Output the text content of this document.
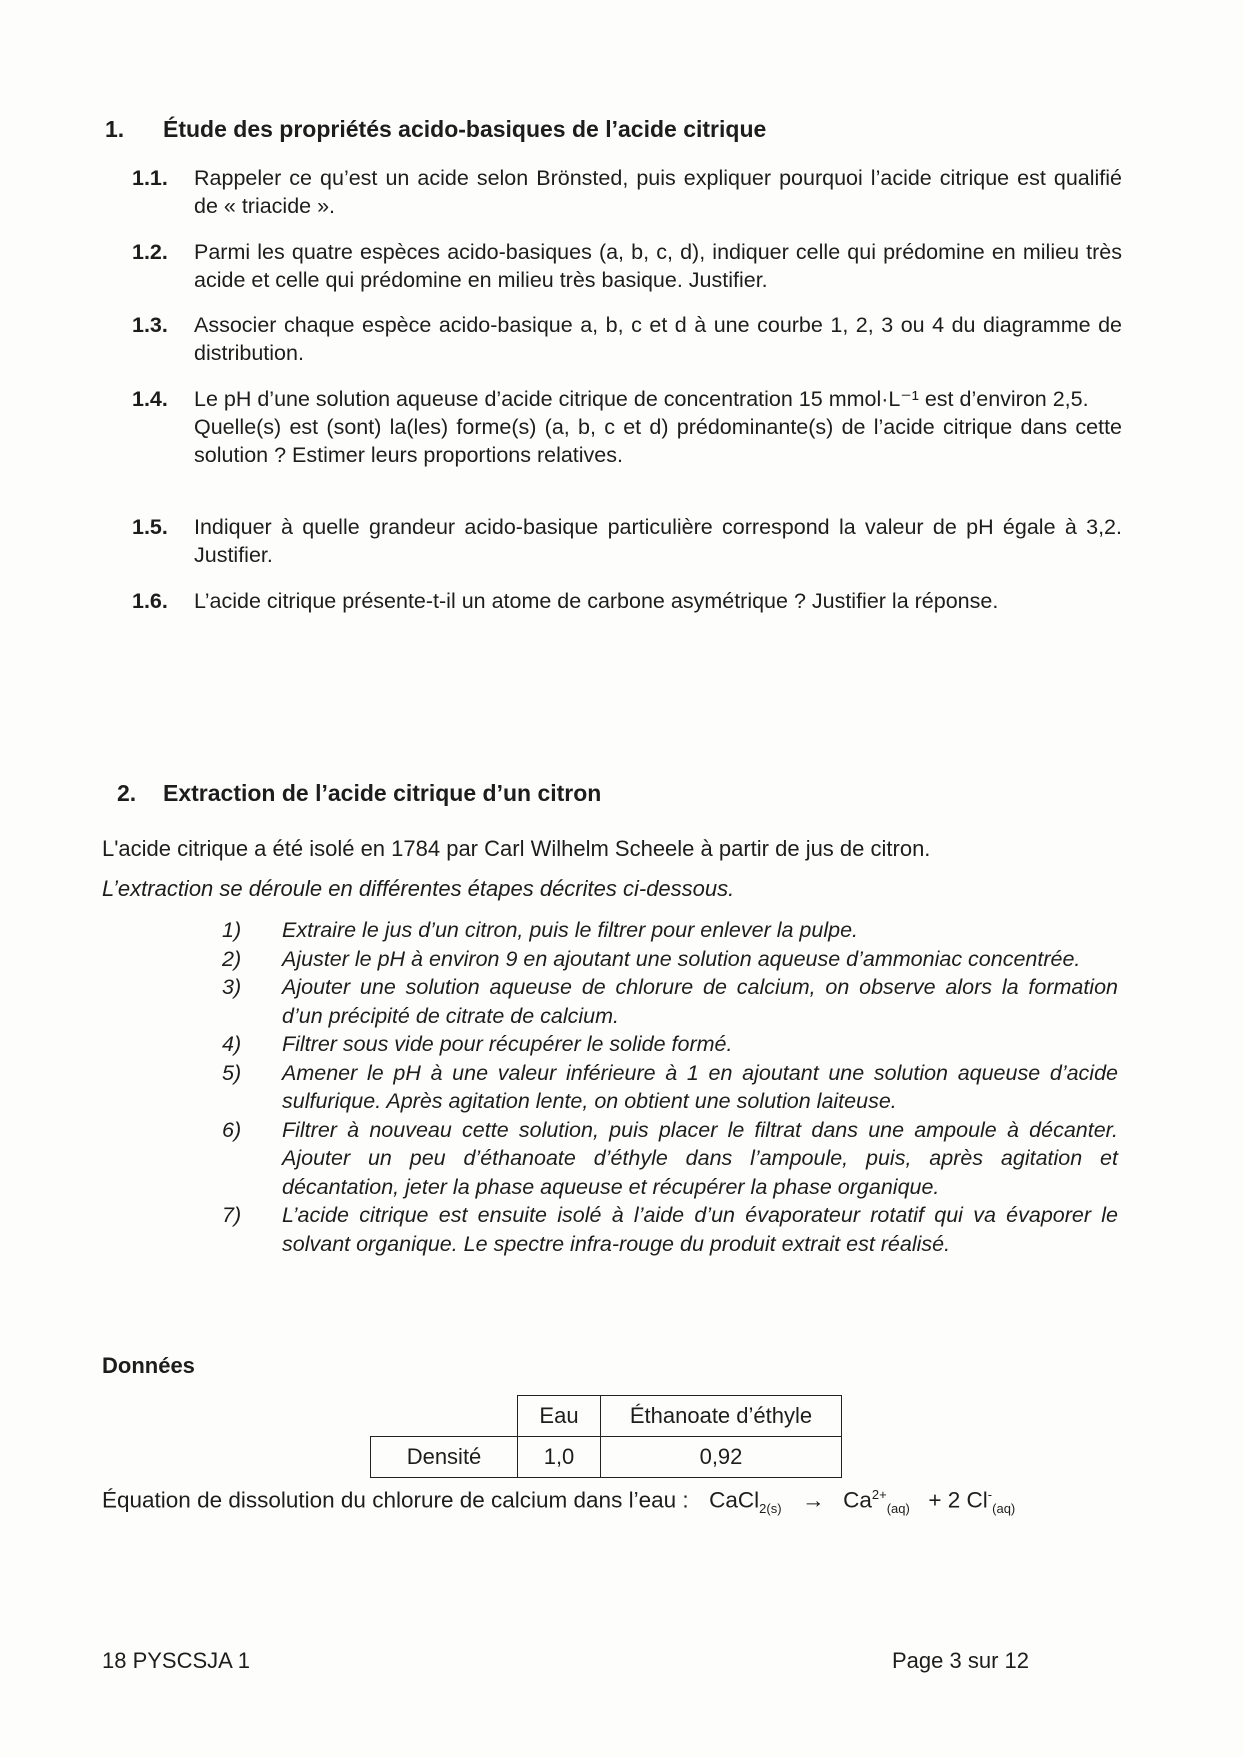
1. Étude des propriétés acido-basiques de l’acide citrique
1.1. Rappeler ce qu’est un acide selon Brönsted, puis expliquer pourquoi l’acide citrique est qualifié de « triacide ».

1.2. Parmi les quatre espèces acido-basiques (a, b, c, d), indiquer celle qui prédomine en milieu très acide et celle qui prédomine en milieu très basique. Justifier.

1.3. Associer chaque espèce acido-basique a, b, c et d à une courbe 1, 2, 3 ou 4 du diagramme de distribution.

1.4. Le pH d’une solution aqueuse d’acide citrique de concentration 15 mmol·L⁻¹ est d’environ 2,5.

Quelle(s) est (sont) la(les) forme(s) (a, b, c et d) prédominante(s) de l’acide citrique dans cette solution ? Estimer leurs proportions relatives.

1.5. Indiquer à quelle grandeur acido-basique particulière correspond la valeur de pH égale à 3,2. Justifier.

1.6. L’acide citrique présente-t-il un atome de carbone asymétrique ? Justifier la réponse.

2. Extraction de l’acide citrique d’un citron
L'acide citrique a été isolé en 1784 par Carl Wilhelm Scheele à partir de jus de citron.
L’extraction se déroule en différentes étapes décrites ci-dessous.
1) Extraire le jus d’un citron, puis le filtrer pour enlever la pulpe.
2) Ajuster le pH à environ 9 en ajoutant une solution aqueuse d’ammoniac concentrée.
3) Ajouter une solution aqueuse de chlorure de calcium, on observe alors la formation d’un précipité de citrate de calcium.
4) Filtrer sous vide pour récupérer le solide formé.
5) Amener le pH à une valeur inférieure à 1 en ajoutant une solution aqueuse d’acide sulfurique. Après agitation lente, on obtient une solution laiteuse.
6) Filtrer à nouveau cette solution, puis placer le filtrat dans une ampoule à décanter. Ajouter un peu d’éthanoate d’éthyle dans l’ampoule, puis, après agitation et décantation, jeter la phase aqueuse et récupérer la phase organique.
7) L’acide citrique est ensuite isolé à l’aide d’un évaporateur rotatif qui va évaporer le solvant organique. Le spectre infra-rouge du produit extrait est réalisé.
Données
	Eau	Éthanoate d’éthyle
Densité	1,0	0,92
Équation de dissolution du chlorure de calcium dans l’eau : CaCl$_{2(s)}$ → $Ca^{2+}_{(aq)} + 2$ $Cl^-_{(aq)}$
18 PYSCSJA 1	Page 3 sur 12
